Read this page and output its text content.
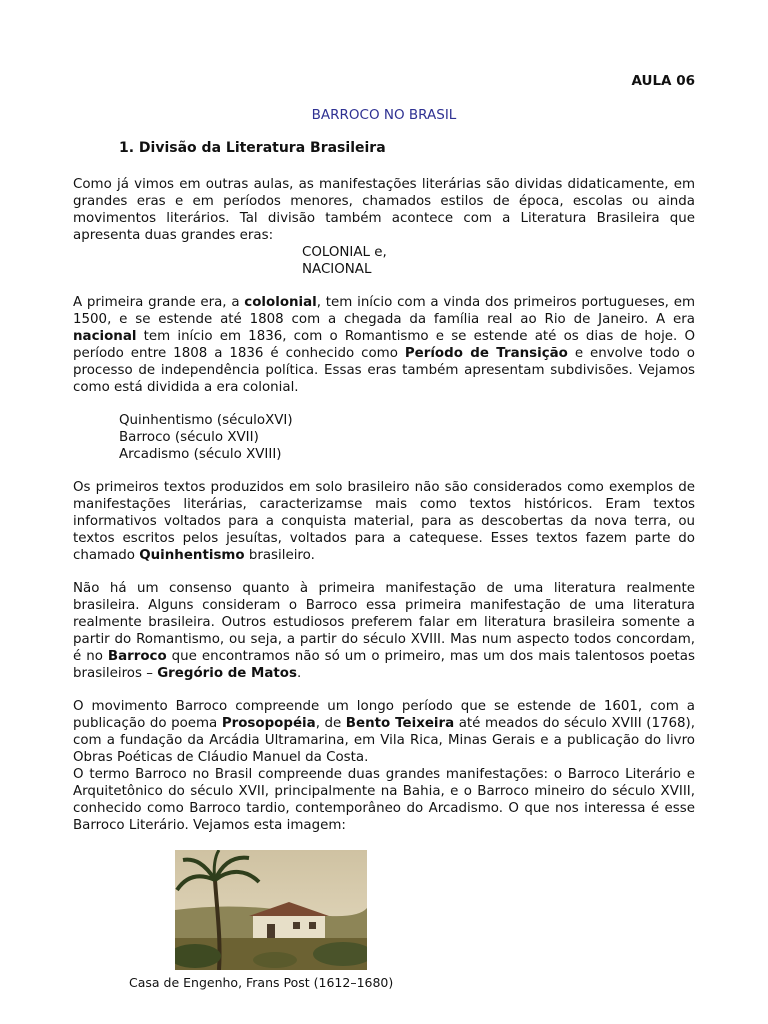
AULA 06

BARROCO NO BRASIL
1. Divisão da Literatura Brasileira

Como já vimos em outras aulas, as manifestações literárias são dividas didaticamente, em grandes eras e em períodos menores, chamados estilos de época, escolas ou ainda movimentos literários. Tal divisão também acontece com a Literatura Brasileira que apresenta duas grandes eras:

COLONIAL e,
NACIONAL

A primeira grande era, a cololonial, tem início com a vinda dos primeiros portugueses, em 1500, e se estende até 1808 com a chegada da família real ao Rio de Janeiro. A era nacional tem início em 1836, com o Romantismo e se estende até os dias de hoje. O período entre 1808 a 1836 é conhecido como Período de Transição e envolve todo o processo de independência política. Essas eras também apresentam subdivisões. Vejamos como está dividida a era colonial.

Quinhentismo (séculoXVI)
Barroco (século XVII)
Arcadismo (século XVIII)

Os primeiros textos produzidos em solo brasileiro não são considerados como exemplos de manifestações literárias, caracterizamse mais como textos históricos. Eram textos informativos voltados para a conquista material, para as descobertas da nova terra, ou textos escritos pelos jesuítas, voltados para a catequese. Esses textos fazem parte do chamado Quinhentismo brasileiro.

Não há um consenso quanto à primeira manifestação de uma literatura realmente brasileira. Alguns consideram o Barroco essa primeira manifestação de uma literatura realmente brasileira. Outros estudiosos preferem falar em literatura brasileira somente a partir do Romantismo, ou seja, a partir do século XVIII. Mas num aspecto todos concordam, é no Barroco que encontramos não só um o primeiro, mas um dos mais talentosos poetas brasileiros – Gregório de Matos.

O movimento Barroco compreende um longo período que se estende de 1601, com a publicação do poema Prosopopéia, de Bento Teixeira até meados do século XVIII (1768), com a fundação da Arcádia Ultramarina, em Vila Rica, Minas Gerais e a publicação do livro Obras Poéticas de Cláudio Manuel da Costa.

O termo Barroco no Brasil compreende duas grandes manifestações: o Barroco Literário e Arquitetônico do século XVII, principalmente na Bahia, e o Barroco mineiro do século XVIII, conhecido como Barroco tardio, contemporâneo do Arcadismo. O que nos interessa é esse Barroco Literário. Vejamos esta imagem:

Casa de Engenho, Frans Post (1612–1680)
